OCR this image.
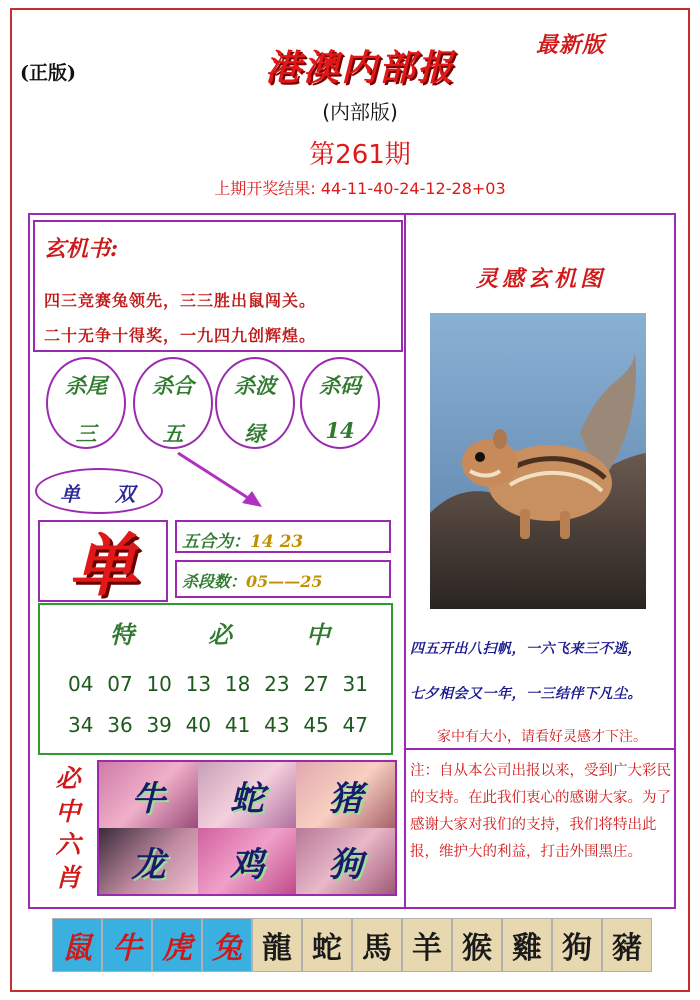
(正版)	港澳内部报
最新版
(内部版)
第261期
上期开奖结果: 44-11-40-24-12-28+03
玄机书:
四三竞赛兔领先，三三胜出鼠闯关。
二十无争十得奖，一九四九创辉煌。
杀尾
三
杀合
五
杀波
绿
杀码
14
单 双
单	五合为：14 23
杀段数：05——25
特	必	中
04 07 10 13 18 23 27 31
34 36 39 40 41 43 45 47
必
中
六
肖
牛 蛇 猪
龙 鸡 狗
灵感玄机图
四五开出八扫帆，一六飞来三不逃，
七夕相会又一年，一三结伴下凡尘。
家中有大小，请看好灵感才下注。
注：自从本公司出报以来，受到广大彩民的支持。在此我们衷心的感谢大家。为了感谢大家对我们的支持，我们将特出此报，维护大的利益，打击外围黑庄。
鼠 牛 虎 兔 龍 蛇 馬 羊 猴 雞 狗 豬
